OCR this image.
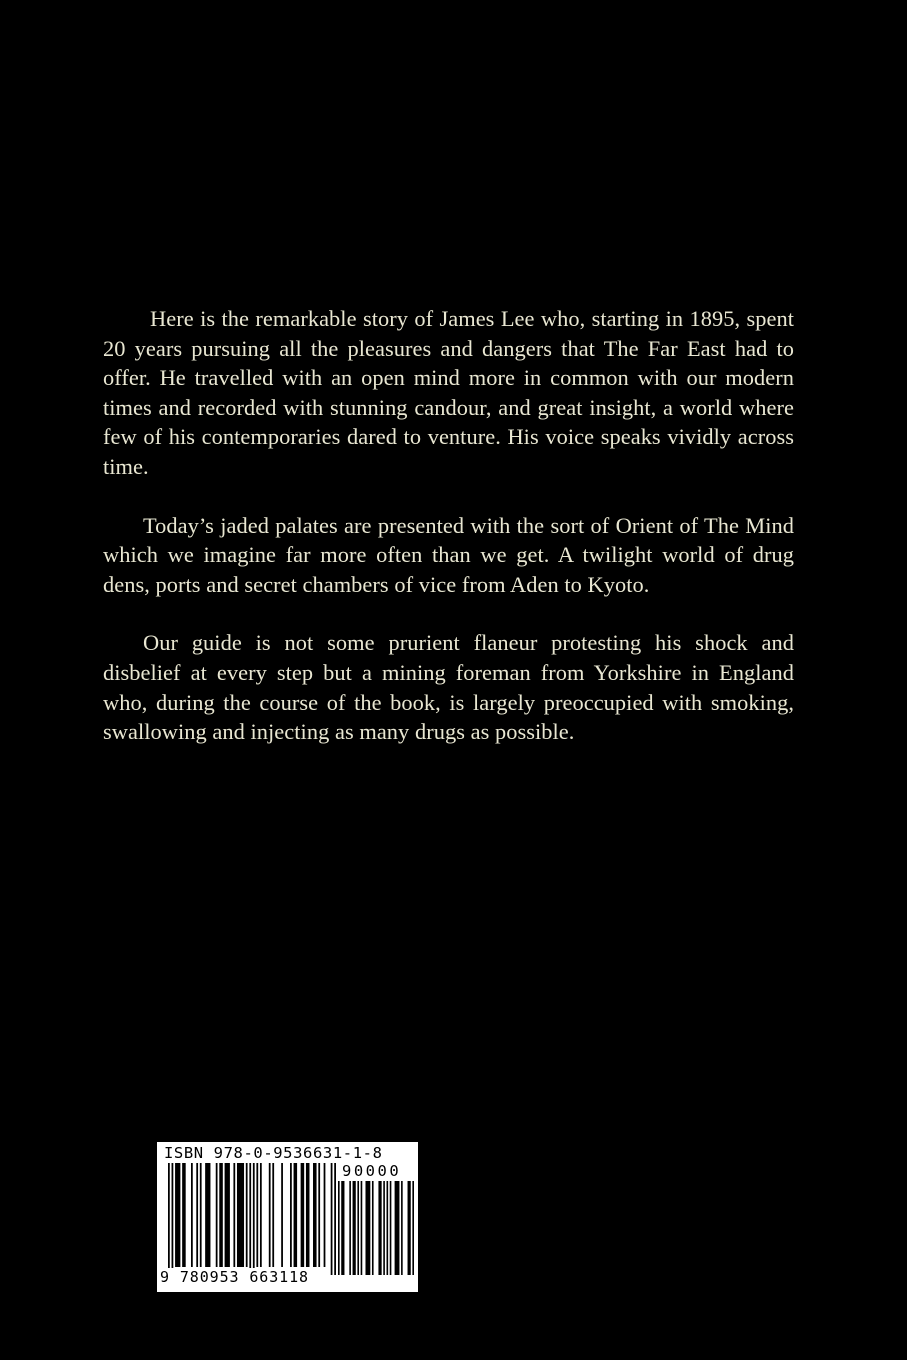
Here is the remarkable story of James Lee who, starting in 1895, spent 20 years pursuing all the pleasures and dangers that The Far East had to offer. He travelled with an open mind more in common with our modern times and recorded with stunning candour, and great insight, a world where few of his contemporaries dared to venture. His voice speaks vividly across time.

Today’s jaded palates are presented with the sort of Orient of The Mind which we imagine far more often than we get. A twilight world of drug dens, ports and secret chambers of vice from Aden to Kyoto.

Our guide is not some prurient flaneur protesting his shock and disbelief at every step but a mining foreman from Yorkshire in England who, during the course of the book, is largely preoccupied with smoking, swallowing and injecting as many drugs as possible.

ISBN 978-0-9536631-1-8
90000
9 780953 663118
